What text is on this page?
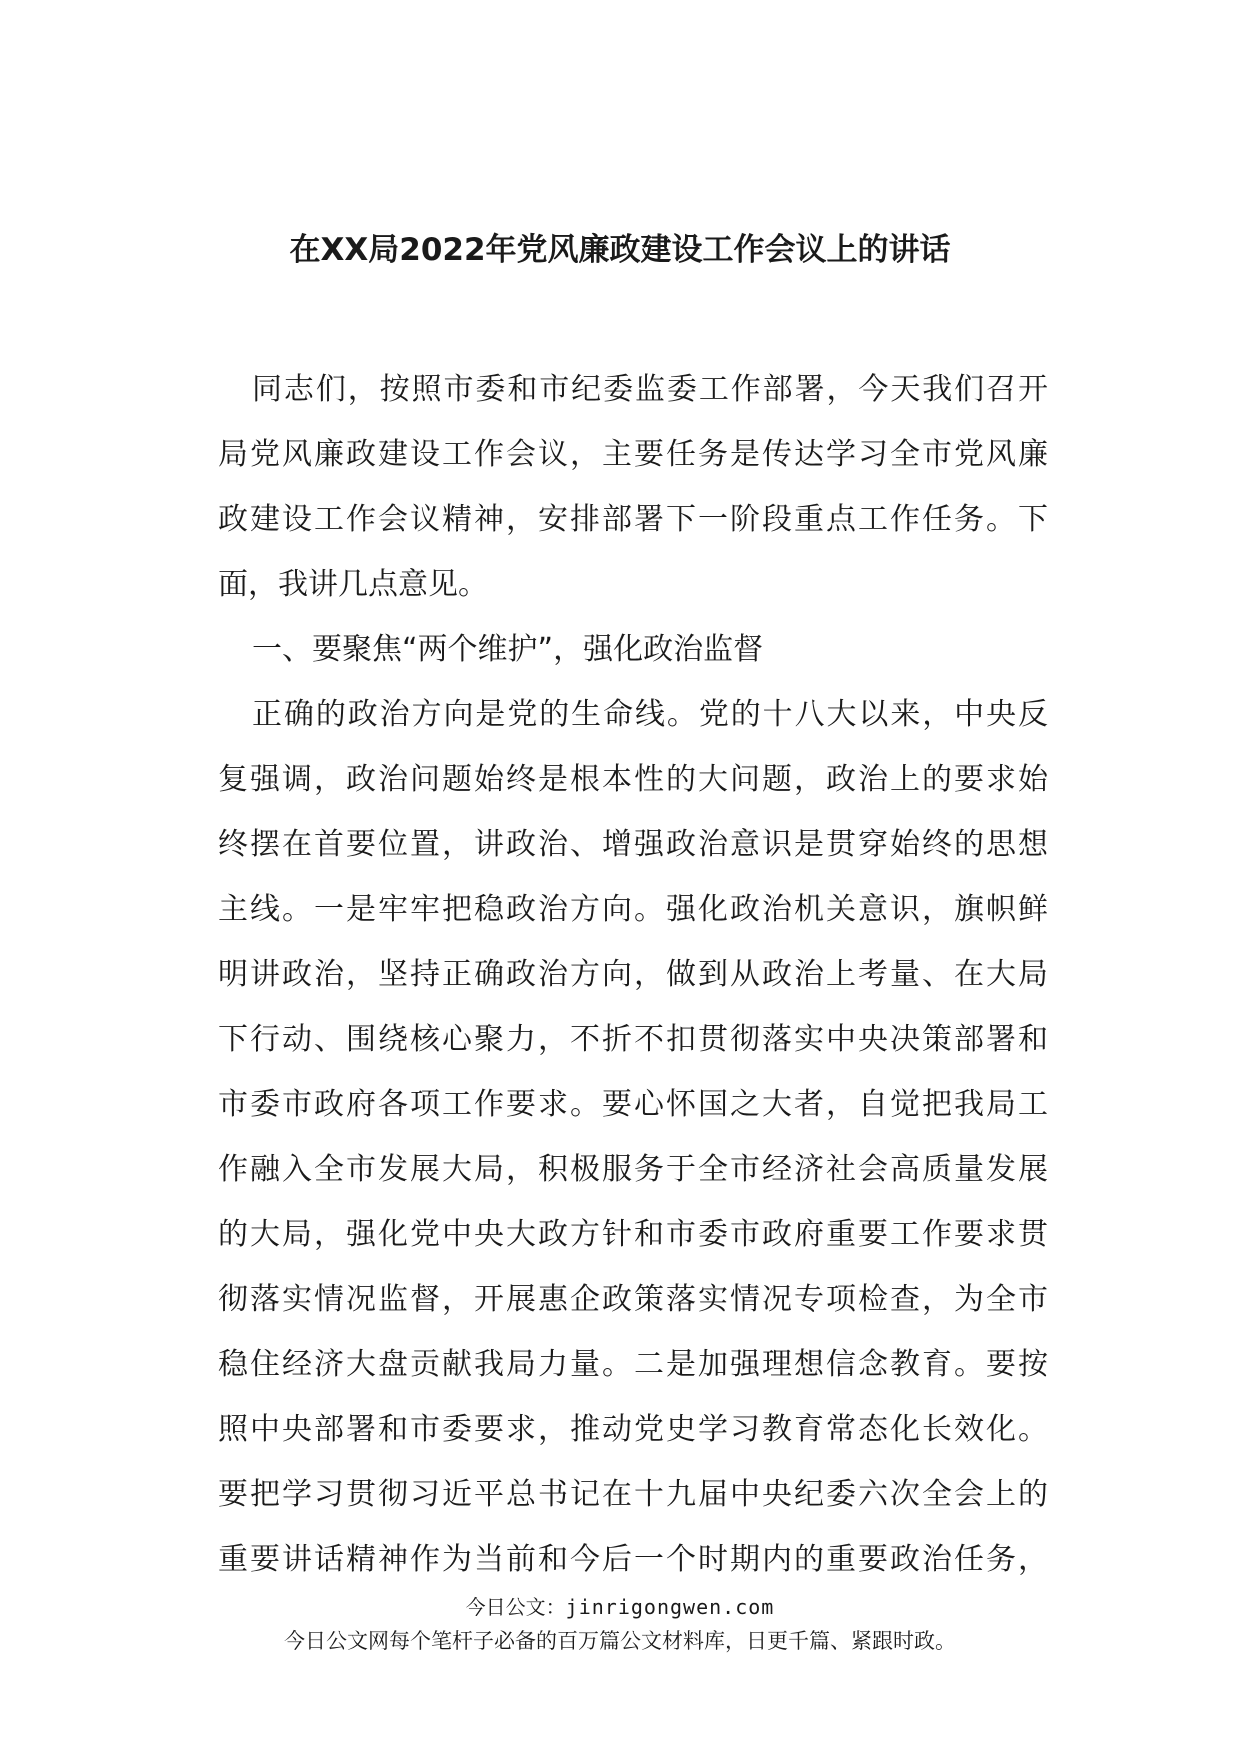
在XX局2022年党风廉政建设工作会议上的讲话
同志们，按照市委和市纪委监委工作部署，今天我们召开
局党风廉政建设工作会议，主要任务是传达学习全市党风廉
政建设工作会议精神，安排部署下一阶段重点工作任务。下
面，我讲几点意见。
一、要聚焦“两个维护”，强化政治监督
正确的政治方向是党的生命线。党的十八大以来，中央反
复强调，政治问题始终是根本性的大问题，政治上的要求始
终摆在首要位置，讲政治、增强政治意识是贯穿始终的思想
主线。一是牢牢把稳政治方向。强化政治机关意识，旗帜鲜
明讲政治，坚持正确政治方向，做到从政治上考量、在大局
下行动、围绕核心聚力，不折不扣贯彻落实中央决策部署和
市委市政府各项工作要求。要心怀国之大者，自觉把我局工
作融入全市发展大局，积极服务于全市经济社会高质量发展
的大局，强化党中央大政方针和市委市政府重要工作要求贯
彻落实情况监督，开展惠企政策落实情况专项检查，为全市
稳住经济大盘贡献我局力量。二是加强理想信念教育。要按
照中央部署和市委要求，推动党史学习教育常态化长效化。
要把学习贯彻习近平总书记在十九届中央纪委六次全会上的
重要讲话精神作为当前和今后一个时期内的重要政治任务，
今日公文：jinrigongwen.com
今日公文网每个笔杆子必备的百万篇公文材料库，日更千篇、紧跟时政。
